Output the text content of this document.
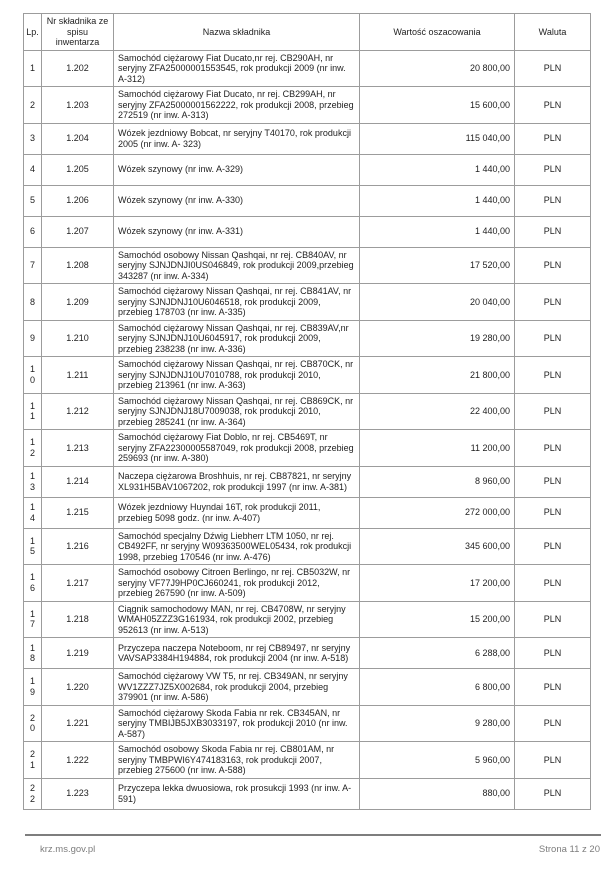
Lp.	Nr składnika ze spisu inwentarza	Nazwa składnika	Wartość oszacowania	Waluta
1	1.202	Samochód ciężarowy Fiat Ducato,nr rej. CB290AH, nr seryjny ZFA25000001553545, rok produkcji 2009 (nr inw. A-312)	20 800,00	PLN
2	1.203	Samochód ciężarowy Fiat Ducato, nr rej. CB299AH, nr seryjny ZFA25000001562222, rok produkcji 2008, przebieg 272519 (nr inw. A-313)	15 600,00	PLN
3	1.204	Wózek jezdniowy Bobcat, nr seryjny T40170, rok produkcji 2005 (nr inw. A- 323)	115 040,00	PLN
4	1.205	Wózek szynowy (nr inw. A-329)	1 440,00	PLN
5	1.206	Wózek szynowy (nr inw. A-330)	1 440,00	PLN
6	1.207	Wózek szynowy (nr inw. A-331)	1 440,00	PLN
7	1.208	Samochód osobowy Nissan Qashqai, nr rej. CB840AV, nr seryjny SJNJDNJI0US046849, rok produkcji 2009,przebieg 343287 (nr inw. A-334)	17 520,00	PLN
8	1.209	Samochód ciężarowy Nissan Qashqai, nr rej. CB841AV, nr seryjny SJNJDNJ10U6046518, rok produkcji 2009, przebieg 178703 (nr inw. A-335)	20 040,00	PLN
9	1.210	Samochód ciężarowy Nissan Qashqai, nr rej. CB839AV,nr seryjny SJNJDNJ10U6045917, rok produkcji 2009, przebieg 238238 (nr inw. A-336)	19 280,00	PLN
10	1.211	Samochód ciężarowy Nissan Qashqai, nr rej. CB870CK, nr seryjny SJNJDNJ10U7010788, rok produkcji 2010, przebieg 213961 (nr inw. A-363)	21 800,00	PLN
11	1.212	Samochód ciężarowy Nissan Qashqai, nr rej. CB869CK, nr seryjny SJNJDNJ18U7009038, rok produkcji 2010, przebieg 285241 (nr inw. A-364)	22 400,00	PLN
12	1.213	Samochód ciężarowy Fiat Doblo, nr rej. CB5469T, nr seryjny ZFA22300005587049, rok produkcji 2008, przebieg 259693 (nr inw. A-380)	11 200,00	PLN
13	1.214	Naczepa ciężarowa Broshhuis, nr rej. CB87821, nr seryjny XL931H5BAV1067202, rok produkcji 1997 (nr inw. A-381)	8 960,00	PLN
14	1.215	Wózek jezdniowy Huyndai 16T, rok produkcji 2011, przebieg 5098 godz. (nr inw. A-407)	272 000,00	PLN
15	1.216	Samochód specjalny Dźwig Liebherr LTM 1050, nr rej. CB492FF, nr seryjny W09363500WEL05434, rok produkcji 1998, przebieg 170546 (nr inw. A-476)	345 600,00	PLN
16	1.217	Samochód osobowy Citroen Berlingo, nr rej. CB5032W, nr seryjny VF77J9HP0CJ660241, rok produkcji 2012, przebieg 267590 (nr inw. A-509)	17 200,00	PLN
17	1.218	Ciągnik samochodowy MAN, nr rej. CB4708W, nr seryjny WMAH05ZZZ3G161934, rok produkcji 2002, przebieg 952613 (nr inw. A-513)	15 200,00	PLN
18	1.219	Przyczepa naczepa Noteboom, nr rej CB89497, nr seryjny VAVSAP3384H194884, rok produkcji 2004 (nr inw. A-518)	6 288,00	PLN
19	1.220	Samochód ciężarowy VW T5, nr rej. CB349AN, nr seryjny WV1ZZZ7JZ5X002684, rok produkcji 2004, przebieg 379901 (nr inw. A-586)	6 800,00	PLN
20	1.221	Samochód ciężarowy Skoda Fabia nr rek. CB345AN, nr seryjny TMBIJB5JXB3033197, rok produkcji 2010 (nr inw. A-587)	9 280,00	PLN
21	1.222	Samochód osobowy Skoda Fabia nr rej. CB801AM, nr seryjny TMBPWI6Y474183163, rok produkcji 2007, przebieg 275600 (nr inw. A-588)	5 960,00	PLN
22	1.223	Przyczepa lekka dwuosiowa, rok prosukcji 1993 (nr inw. A-591)	880,00	PLN
krz.ms.gov.pl	Strona 11 z 20
